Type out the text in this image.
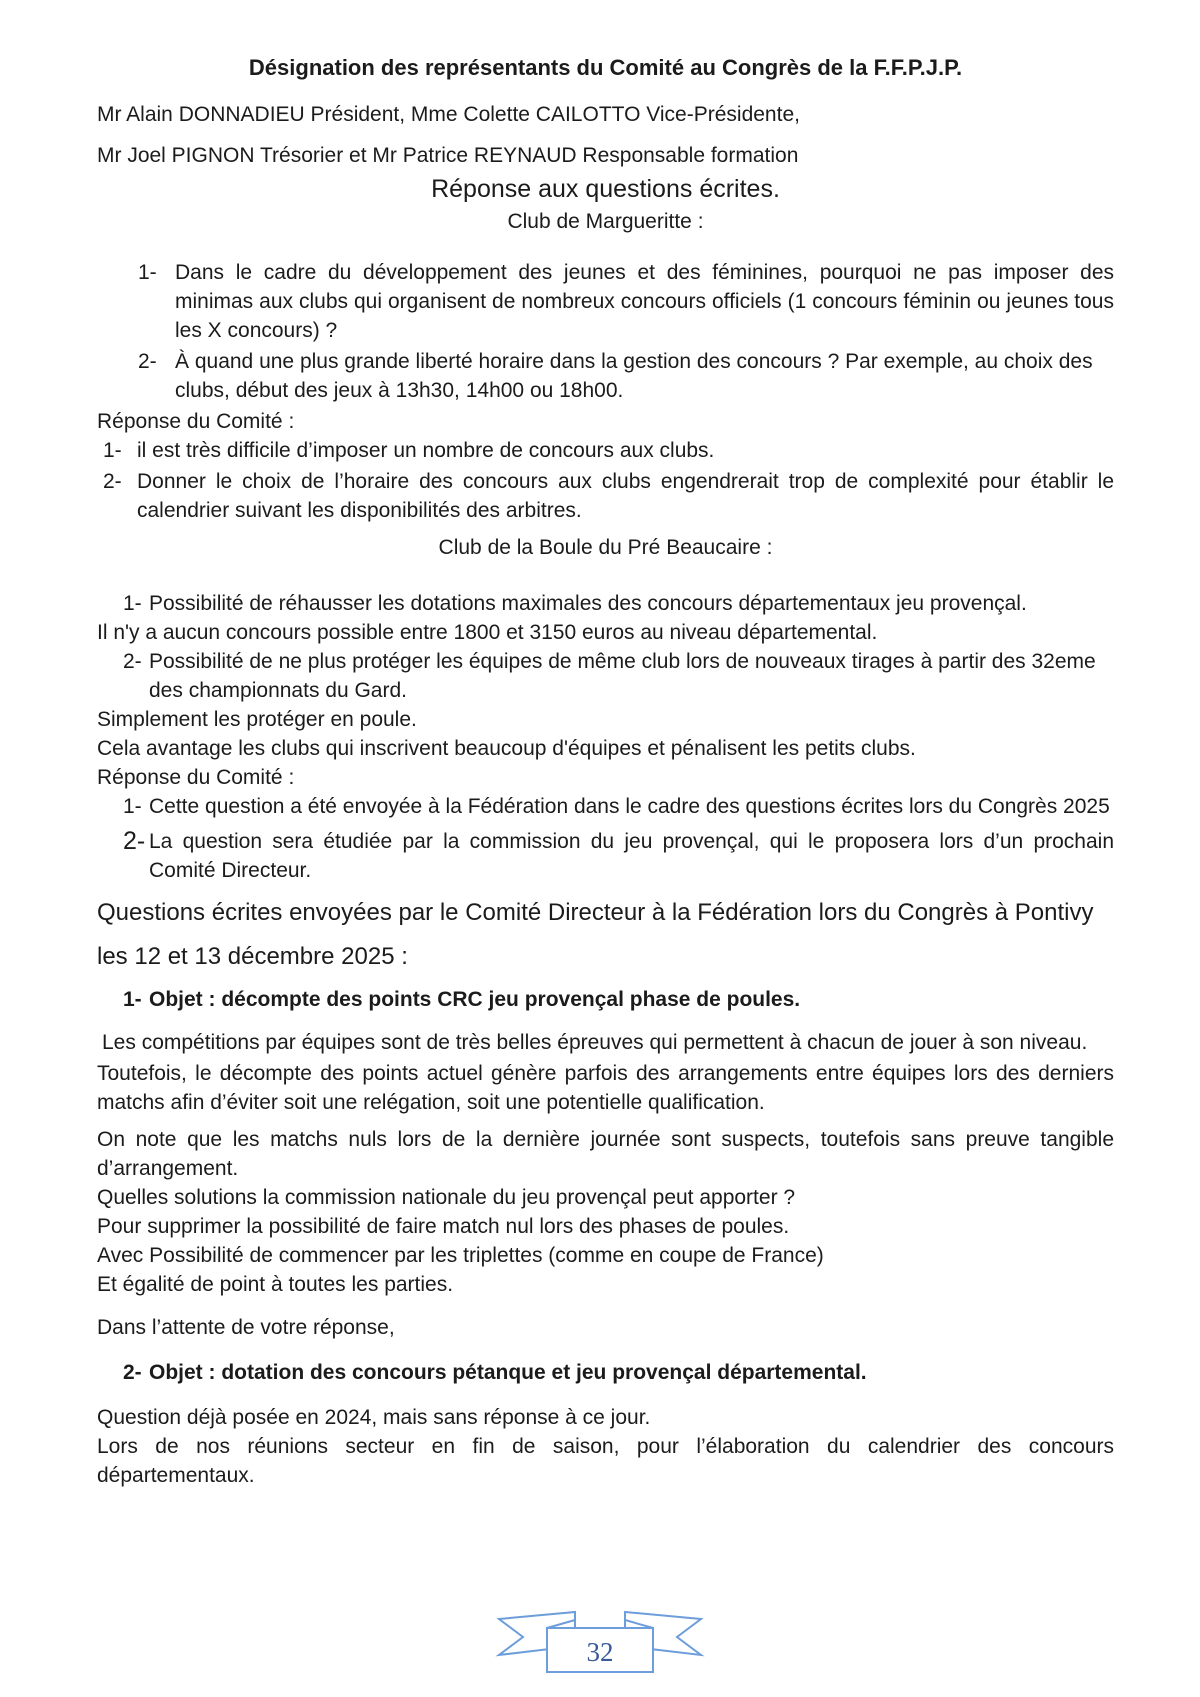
Désignation des représentants du Comité au Congrès de la F.F.P.J.P.

Mr Alain DONNADIEU Président, Mme Colette CAILOTTO Vice-Présidente,

Mr Joel PIGNON Trésorier et Mr Patrice REYNAUD Responsable formation

Réponse aux questions écrites.

Club de Margueritte :

1- Dans le cadre du développement des jeunes et des féminines, pourquoi ne pas imposer des minimas aux clubs qui organisent de nombreux concours officiels (1 concours féminin ou jeunes tous les X concours) ?
2- À quand une plus grande liberté horaire dans la gestion des concours ? Par exemple, au choix des clubs, début des jeux à 13h30, 14h00 ou 18h00.

Réponse du Comité :

1- il est très difficile d’imposer un nombre de concours aux clubs.
2- Donner le choix de l’horaire des concours aux clubs engendrerait trop de complexité pour établir le calendrier suivant les disponibilités des arbitres.

Club de la Boule du Pré Beaucaire :

1- Possibilité de réhausser les dotations maximales des concours départementaux jeu provençal.

Il n'y a aucun concours possible entre 1800 et 3150 euros au niveau départemental.

2- Possibilité de ne plus protéger les équipes de même club lors de nouveaux tirages à partir des 32eme des championnats du Gard.

Simplement les protéger en poule.

Cela avantage les clubs qui inscrivent beaucoup d'équipes et pénalisent les petits clubs.

Réponse du Comité :

1- Cette question a été envoyée à la Fédération dans le cadre des questions écrites lors du Congrès 2025
2- La question sera étudiée par la commission du jeu provençal, qui le proposera lors d’un prochain Comité Directeur.
Questions écrites envoyées par le Comité Directeur à la Fédération lors du Congrès à Pontivy les 12 et 13 décembre 2025 :
1- Objet : décompte des points CRC jeu provençal phase de poules.

Les compétitions par équipes sont de très belles épreuves qui permettent à chacun de jouer à son niveau.

Toutefois, le décompte des points actuel génère parfois des arrangements entre équipes lors des derniers matchs afin d’éviter soit une relégation, soit une potentielle qualification.

On note que les matchs nuls lors de la dernière journée sont suspects, toutefois sans preuve tangible d’arrangement.

Quelles solutions la commission nationale du jeu provençal peut apporter ?

Pour supprimer la possibilité de faire match nul lors des phases de poules.

Avec Possibilité de commencer par les triplettes (comme en coupe de France)

Et égalité de point à toutes les parties.

Dans l’attente de votre réponse,

2- Objet : dotation des concours pétanque et jeu provençal départemental.

Question déjà posée en 2024, mais sans réponse à ce jour.

Lors de nos réunions secteur en fin de saison, pour l’élaboration du calendrier des concours départementaux.

32
